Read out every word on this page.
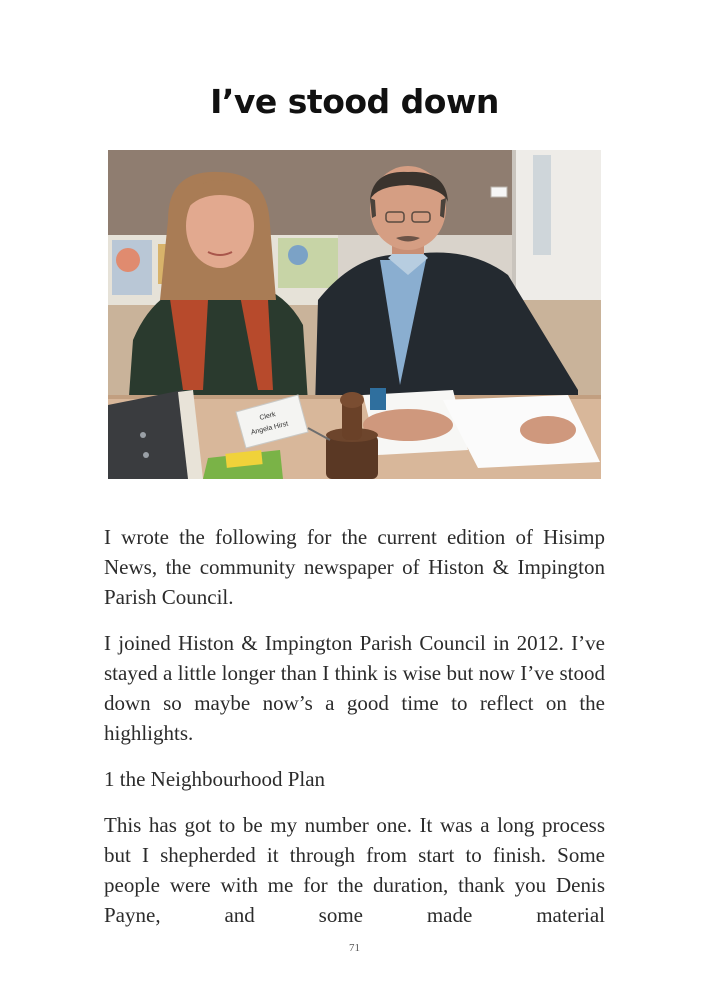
I’ve stood down
Clerk
Angela Hirst

I wrote the following for the current edition of Hisimp News, the community newspaper of Histon & Impington Parish Council.

I joined Histon & Impington Parish Council in 2012. I’ve stayed a little longer than I think is wise but now I’ve stood down so maybe now’s a good time to reflect on the highlights.

1 the Neighbourhood Plan

This has got to be my number one. It was a long process but I shepherded it through from start to finish. Some people were with me for the duration, thank you Denis Payne, and some made material

71
